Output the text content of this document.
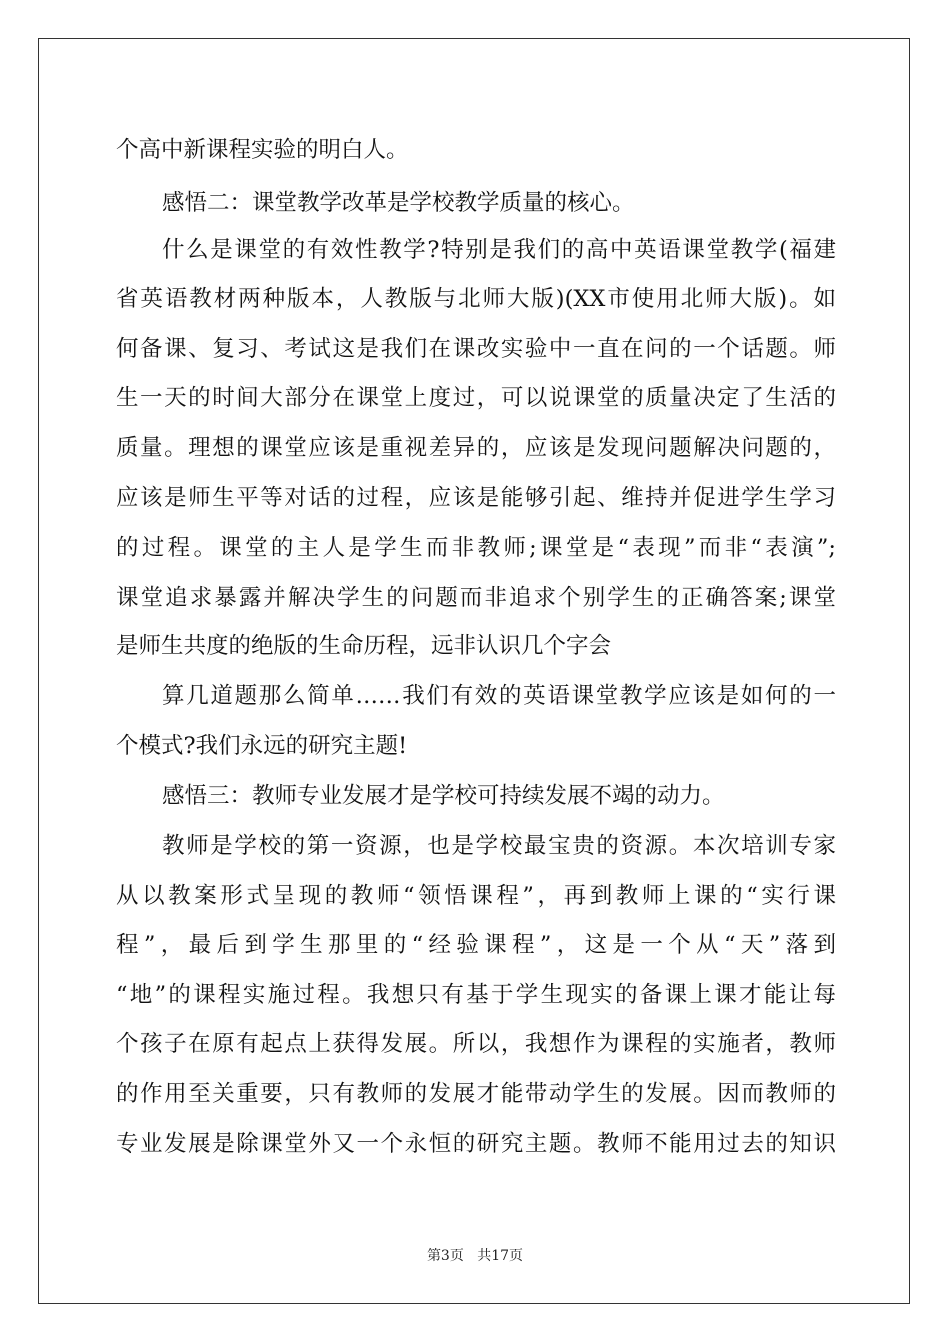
个高中新课程实验的明白人。
感悟二：课堂教学改革是学校教学质量的核心。
什么是课堂的有效性教学?特别是我们的高中英语课堂教学(福建
省英语教材两种版本，人教版与北师大版)(XX市使用北师大版)。如
何备课、复习、考试这是我们在课改实验中一直在问的一个话题。师
生一天的时间大部分在课堂上度过，可以说课堂的质量决定了生活的
质量。理想的课堂应该是重视差异的，应该是发现问题解决问题的，
应该是师生平等对话的过程，应该是能够引起、维持并促进学生学习
的过程。课堂的主人是学生而非教师;课堂是“表现”而非“表演”;
课堂追求暴露并解决学生的问题而非追求个别学生的正确答案;课堂
是师生共度的绝版的生命历程，远非认识几个字会
算几道题那么简单……我们有效的英语课堂教学应该是如何的一
个模式?我们永远的研究主题!
感悟三：教师专业发展才是学校可持续发展不竭的动力。
教师是学校的第一资源，也是学校最宝贵的资源。本次培训专家
从以教案形式呈现的教师“领悟课程”，再到教师上课的“实行课
程”，最后到学生那里的“经验课程”，这是一个从“天”落到
“地”的课程实施过程。我想只有基于学生现实的备课上课才能让每
个孩子在原有起点上获得发展。所以，我想作为课程的实施者，教师
的作用至关重要，只有教师的发展才能带动学生的发展。因而教师的
专业发展是除课堂外又一个永恒的研究主题。教师不能用过去的知识
第3页 共17页
